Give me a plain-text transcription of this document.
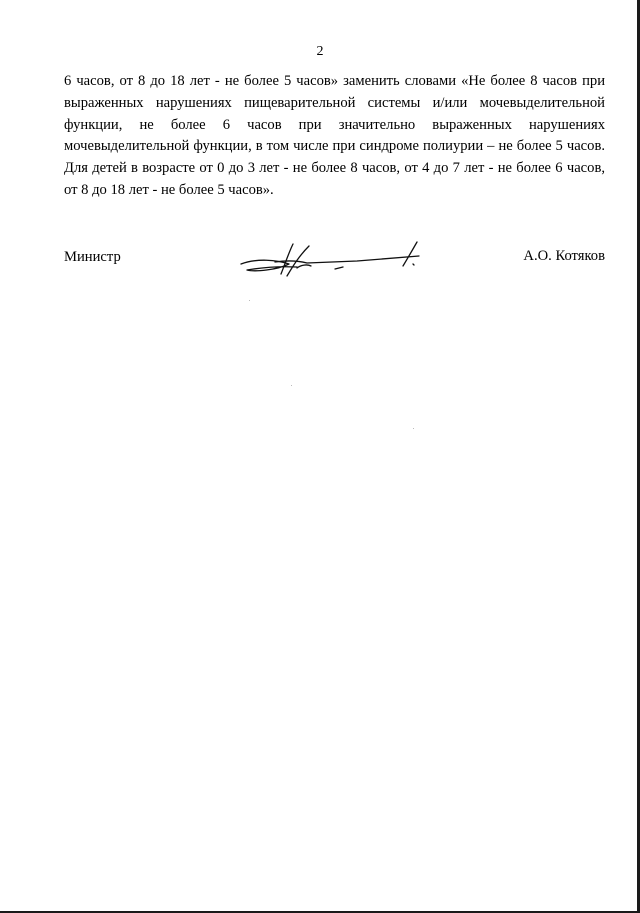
2
6 часов, от 8 до 18 лет - не более 5 часов» заменить словами «Не более 8 часов при
выраженных нарушениях пищеварительной системы и/или мочевыделительной
функции, не более 6 часов при значительно выраженных нарушениях
мочевыделительной функции, в том числе при синдроме полиурии – не более 5 часов.
Для детей в возрасте от 0 до 3 лет - не более 8 часов, от 4 до 7 лет - не более 6 часов,
от 8 до 18 лет - не более 5 часов».
Министр	А.О. Котяков
